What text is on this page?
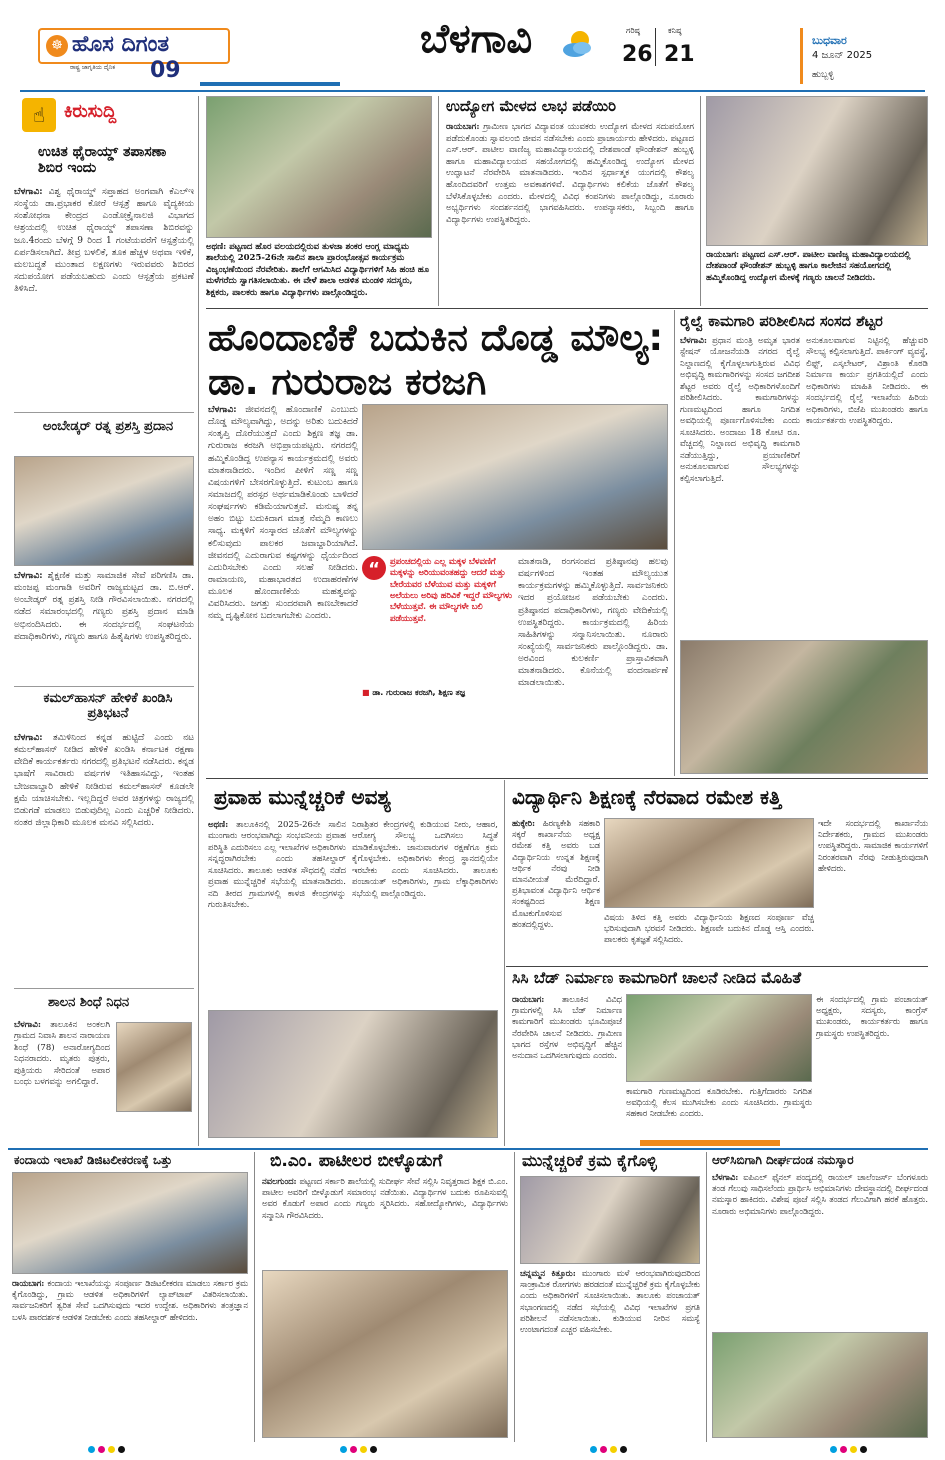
☸ ಹೊಸ ದಿಗಂತ
ರಾಷ್ಟ್ರ ಜಾಗೃತಿಯ ದೈನಿಕ 09
ಬೆಳಗಾವಿ	ಗರಿಷ್ಠ
26
ಕನಿಷ್ಠ
21
ಬುಧವಾರ
4 ಜೂನ್ 2025
ಹುಬ್ಬಳ್ಳಿ
☝	ಕಿರುಸುದ್ದಿ
ಉಚಿತ ಥೈರಾಯ್ಡ್ ತಪಾಸಣಾ ಶಿಬಿರ ಇಂದು
ಬೆಳಗಾವಿ: ವಿಶ್ವ ಥೈರಾಯ್ಡ್ ಸಪ್ತಾಹದ ಅಂಗವಾಗಿ ಕೆಎಲ್‌ಇ ಸಂಸ್ಥೆಯ ಡಾ.ಪ್ರಭಾಕರ ಕೋರೆ ಆಸ್ಪತ್ರೆ ಹಾಗೂ ವೈದ್ಯಕೀಯ ಸಂಶೋಧನಾ ಕೇಂದ್ರದ ಎಂಡೋಕ್ರೈನಾಲಜಿ ವಿಭಾಗದ ಆಶ್ರಯದಲ್ಲಿ ಉಚಿತ ಥೈರಾಯ್ಡ್ ತಪಾಸಣಾ ಶಿಬಿರವನ್ನು ಜೂ.4ರಂದು ಬೆಳಗ್ಗೆ 9 ರಿಂದ 1 ಗಂಟೆಯವರೆಗೆ ಆಸ್ಪತ್ರೆಯಲ್ಲಿ ಏರ್ಪಡಿಸಲಾಗಿದೆ. ತೀವ್ರ ಬಳಲಿಕೆ, ತೂಕ ಹೆಚ್ಚಳ ಅಥವಾ ಇಳಿಕೆ, ಮಲಬದ್ಧತೆ ಮುಂತಾದ ಲಕ್ಷಣಗಳು ಇರುವವರು ಶಿಬಿರದ ಸದುಪಯೋಗ ಪಡೆಯಬಹುದು ಎಂದು ಆಸ್ಪತ್ರೆಯ ಪ್ರಕಟಣೆ ತಿಳಿಸಿದೆ.
ಅಂಬೇಡ್ಕರ್ ರತ್ನ ಪ್ರಶಸ್ತಿ ಪ್ರದಾನ
ಬೆಳಗಾವಿ: ಶೈಕ್ಷಣಿಕ ಮತ್ತು ಸಾಮಾಜಿಕ ಸೇವೆ ಪರಿಗಣಿಸಿ ಡಾ. ಮಂಜಪ್ಪ ಮಂಗಾಡಿ ಅವರಿಗೆ ರಾಜ್ಯಮಟ್ಟದ ಡಾ. ಬಿ.ಆರ್. ಅಂಬೇಡ್ಕರ್ ರತ್ನ ಪ್ರಶಸ್ತಿ ನೀಡಿ ಗೌರವಿಸಲಾಯಿತು. ನಗರದಲ್ಲಿ ನಡೆದ ಸಮಾರಂಭದಲ್ಲಿ ಗಣ್ಯರು ಪ್ರಶಸ್ತಿ ಪ್ರದಾನ ಮಾಡಿ ಅಭಿನಂದಿಸಿದರು. ಈ ಸಂದರ್ಭದಲ್ಲಿ ಸಂಘಟನೆಯ ಪದಾಧಿಕಾರಿಗಳು, ಗಣ್ಯರು ಹಾಗೂ ಹಿತೈಷಿಗಳು ಉಪಸ್ಥಿತರಿದ್ದರು.
ಕಮಲ್‌ಹಾಸನ್ ಹೇಳಿಕೆ ಖಂಡಿಸಿ ಪ್ರತಿಭಟನೆ
ಬೆಳಗಾವಿ: ತಮಿಳಿನಿಂದ ಕನ್ನಡ ಹುಟ್ಟಿದೆ ಎಂದು ನಟ ಕಮಲ್‌ಹಾಸನ್ ನೀಡಿದ ಹೇಳಿಕೆ ಖಂಡಿಸಿ ಕರ್ನಾಟಕ ರಕ್ಷಣಾ ವೇದಿಕೆ ಕಾರ್ಯಕರ್ತರು ನಗರದಲ್ಲಿ ಪ್ರತಿಭಟನೆ ನಡೆಸಿದರು. ಕನ್ನಡ ಭಾಷೆಗೆ ಸಾವಿರಾರು ವರ್ಷಗಳ ಇತಿಹಾಸವಿದ್ದು, ಇಂತಹ ಬೇಜವಾಬ್ದಾರಿ ಹೇಳಿಕೆ ನೀಡಿರುವ ಕಮಲ್‌ಹಾಸನ್ ಕೂಡಲೇ ಕ್ಷಮೆ ಯಾಚಿಸಬೇಕು. ಇಲ್ಲದಿದ್ದರೆ ಅವರ ಚಿತ್ರಗಳನ್ನು ರಾಜ್ಯದಲ್ಲಿ ಬಿಡುಗಡೆ ಮಾಡಲು ಬಿಡುವುದಿಲ್ಲ ಎಂದು ಎಚ್ಚರಿಕೆ ನೀಡಿದರು. ನಂತರ ಜಿಲ್ಲಾಧಿಕಾರಿ ಮೂಲಕ ಮನವಿ ಸಲ್ಲಿಸಿದರು.
ಶಾಲನ ಶಿಂಧೆ ನಿಧನ
ಬೆಳಗಾವಿ: ತಾಲೂಕಿನ ಅಂಕಲಗಿ ಗ್ರಾಮದ ನಿವಾಸಿ ಶಾಲನ ನಾರಾಯಣ ಶಿಂಧೆ (78) ಅನಾರೋಗ್ಯದಿಂದ ನಿಧನರಾದರು. ಮೃತರು ಪುತ್ರರು, ಪುತ್ರಿಯರು ಸೇರಿದಂತೆ ಅಪಾರ ಬಂಧು ಬಳಗವನ್ನು ಅಗಲಿದ್ದಾರೆ.
ಅಥಣಿ: ಪಟ್ಟಣದ ಹೊರ ವಲಯದಲ್ಲಿರುವ ತುಳಜಾ ಶಂಕರ ಆಂಗ್ಲ ಮಾಧ್ಯಮ ಶಾಲೆಯಲ್ಲಿ 2025-26ನೇ ಸಾಲಿನ ಶಾಲಾ ಪ್ರಾರಂಭೋತ್ಸವ ಕಾರ್ಯಕ್ರಮ ವಿಜೃಂಭಣೆಯಿಂದ ನೆರವೇರಿತು. ಶಾಲೆಗೆ ಆಗಮಿಸಿದ ವಿದ್ಯಾರ್ಥಿಗಳಿಗೆ ಸಿಹಿ ಹಂಚಿ ಹೂ ಮಳೆಗರೆದು ಸ್ವಾಗತಿಸಲಾಯಿತು. ಈ ವೇಳೆ ಶಾಲಾ ಆಡಳಿತ ಮಂಡಳಿ ಸದಸ್ಯರು, ಶಿಕ್ಷಕರು, ಪಾಲಕರು ಹಾಗೂ ವಿದ್ಯಾರ್ಥಿಗಳು ಪಾಲ್ಗೊಂಡಿದ್ದರು.
ಉದ್ಯೋಗ ಮೇಳದ ಲಾಭ ಪಡೆಯಿರಿ
ರಾಯಬಾಗ: ಗ್ರಾಮೀಣ ಭಾಗದ ವಿದ್ಯಾವಂತ ಯುವಕರು ಉದ್ಯೋಗ ಮೇಳದ ಸದುಪಯೋಗ ಪಡೆದುಕೊಂಡು ಸ್ವಾವಲಂಬಿ ಜೀವನ ನಡೆಸಬೇಕು ಎಂದು ಪ್ರಾಚಾರ್ಯರು ಹೇಳಿದರು. ಪಟ್ಟಣದ ಎಸ್.ಆರ್. ಪಾಟೀಲ ವಾಣಿಜ್ಯ ಮಹಾವಿದ್ಯಾಲಯದಲ್ಲಿ ದೇಶಪಾಂಡೆ ಫೌಂಡೇಶನ್ ಹುಬ್ಬಳ್ಳಿ ಹಾಗೂ ಮಹಾವಿದ್ಯಾಲಯದ ಸಹಯೋಗದಲ್ಲಿ ಹಮ್ಮಿಕೊಂಡಿದ್ದ ಉದ್ಯೋಗ ಮೇಳದ ಉದ್ಘಾಟನೆ ನೆರವೇರಿಸಿ ಮಾತನಾಡಿದರು. ಇಂದಿನ ಸ್ಪರ್ಧಾತ್ಮಕ ಯುಗದಲ್ಲಿ ಕೌಶಲ್ಯ ಹೊಂದಿದವರಿಗೆ ಉತ್ತಮ ಅವಕಾಶಗಳಿವೆ. ವಿದ್ಯಾರ್ಥಿಗಳು ಕಲಿಕೆಯ ಜೊತೆಗೆ ಕೌಶಲ್ಯ ಬೆಳೆಸಿಕೊಳ್ಳಬೇಕು ಎಂದರು. ಮೇಳದಲ್ಲಿ ವಿವಿಧ ಕಂಪನಿಗಳು ಪಾಲ್ಗೊಂಡಿದ್ದು, ನೂರಾರು ಅಭ್ಯರ್ಥಿಗಳು ಸಂದರ್ಶನದಲ್ಲಿ ಭಾಗವಹಿಸಿದರು. ಉಪನ್ಯಾಸಕರು, ಸಿಬ್ಬಂದಿ ಹಾಗೂ ವಿದ್ಯಾರ್ಥಿಗಳು ಉಪಸ್ಥಿತರಿದ್ದರು.
ರಾಯಬಾಗ: ಪಟ್ಟಣದ ಎಸ್.ಆರ್. ಪಾಟೀಲ ವಾಣಿಜ್ಯ ಮಹಾವಿದ್ಯಾಲಯದಲ್ಲಿ ದೇಶಪಾಂಡೆ ಫೌಂಡೇಶನ್ ಹುಬ್ಬಳ್ಳಿ ಹಾಗೂ ಕಾಲೇಜಿನ ಸಹಯೋಗದಲ್ಲಿ ಹಮ್ಮಿಕೊಂಡಿದ್ದ ಉದ್ಯೋಗ ಮೇಳಕ್ಕೆ ಗಣ್ಯರು ಚಾಲನೆ ನೀಡಿದರು.
ಹೊಂದಾಣಿಕೆ ಬದುಕಿನ ದೊಡ್ಡ ಮೌಲ್ಯ: ಡಾ. ಗುರುರಾಜ ಕರಜಗಿ
ಬೆಳಗಾವಿ: ಜೀವನದಲ್ಲಿ ಹೊಂದಾಣಿಕೆ ಎಂಬುದು ದೊಡ್ಡ ಮೌಲ್ಯವಾಗಿದ್ದು, ಅದನ್ನು ಅರಿತು ಬದುಕಿದರೆ ಸಂತೃಪ್ತಿ ದೊರೆಯುತ್ತದೆ ಎಂದು ಶಿಕ್ಷಣ ತಜ್ಞ ಡಾ. ಗುರುರಾಜ ಕರಜಗಿ ಅಭಿಪ್ರಾಯಪಟ್ಟರು. ನಗರದಲ್ಲಿ ಹಮ್ಮಿಕೊಂಡಿದ್ದ ಉಪನ್ಯಾಸ ಕಾರ್ಯಕ್ರಮದಲ್ಲಿ ಅವರು ಮಾತನಾಡಿದರು. ಇಂದಿನ ಪೀಳಿಗೆ ಸಣ್ಣ ಸಣ್ಣ ವಿಷಯಗಳಿಗೆ ಬೇಸರಗೊಳ್ಳುತ್ತಿದೆ. ಕುಟುಂಬ ಹಾಗೂ ಸಮಾಜದಲ್ಲಿ ಪರಸ್ಪರ ಅರ್ಥಮಾಡಿಕೊಂಡು ಬಾಳಿದರೆ ಸಂಘರ್ಷಗಳು ಕಡಿಮೆಯಾಗುತ್ತವೆ. ಮನುಷ್ಯ ತನ್ನ ಅಹಂ ಬಿಟ್ಟು ಬದುಕಿದಾಗ ಮಾತ್ರ ನೆಮ್ಮದಿ ಕಾಣಲು ಸಾಧ್ಯ. ಮಕ್ಕಳಿಗೆ ಸಂಸ್ಕಾರದ ಜೊತೆಗೆ ಮೌಲ್ಯಗಳನ್ನು ಕಲಿಸುವುದು ಪಾಲಕರ ಜವಾಬ್ದಾರಿಯಾಗಿದೆ. ಜೀವನದಲ್ಲಿ ಎದುರಾಗುವ ಕಷ್ಟಗಳನ್ನು ಧೈರ್ಯದಿಂದ ಎದುರಿಸಬೇಕು ಎಂದು ಸಲಹೆ ನೀಡಿದರು. ರಾಮಾಯಣ, ಮಹಾಭಾರತದ ಉದಾಹರಣೆಗಳ ಮೂಲಕ ಹೊಂದಾಣಿಕೆಯ ಮಹತ್ವವನ್ನು ವಿವರಿಸಿದರು. ಜಗತ್ತು ಸುಂದರವಾಗಿ ಕಾಣಬೇಕಾದರೆ ನಮ್ಮ ದೃಷ್ಟಿಕೋನ ಬದಲಾಗಬೇಕು ಎಂದರು.
“	ಪ್ರಪಂಚದಲ್ಲಿಯ ಎಲ್ಲ ಮಕ್ಕಳ ಬೆಳವಣಿಗೆ ಮಕ್ಕಳನ್ನು ಅರಿಯುವಂತಹದ್ದು ಆದರೆ ಮತ್ತು ಬೇರೆಯವರ ಬೆಳೆಯುವ ಮತ್ತು ಮಕ್ಕಳಿಗೆ ಅಲೆಯಲು ಅರಿವು ಹರಿವಿಕೆ ಇದ್ದರೆ ಮೌಲ್ಯಗಳು ಬೆಳೆಯುತ್ತವೆ. ಈ ಮೌಲ್ಯಗಳೇ ಬಲಿ ಪಡೆಯುತ್ತವೆ.
■ ಡಾ. ಗುರುರಾಜ ಕರಜಗಿ, ಶಿಕ್ಷಣ ತಜ್ಞ
ಮಾತನಾಡಿ, ರಂಗಸಂಪದ ಪ್ರತಿಷ್ಠಾನವು ಹಲವು ವರ್ಷಗಳಿಂದ ಇಂತಹ ಮೌಲ್ಯಯುತ ಕಾರ್ಯಕ್ರಮಗಳನ್ನು ಹಮ್ಮಿಕೊಳ್ಳುತ್ತಿದೆ. ಸಾರ್ವಜನಿಕರು ಇದರ ಪ್ರಯೋಜನ ಪಡೆಯಬೇಕು ಎಂದರು. ಪ್ರತಿಷ್ಠಾನದ ಪದಾಧಿಕಾರಿಗಳು, ಗಣ್ಯರು ವೇದಿಕೆಯಲ್ಲಿ ಉಪಸ್ಥಿತರಿದ್ದರು. ಕಾರ್ಯಕ್ರಮದಲ್ಲಿ ಹಿರಿಯ ಸಾಹಿತಿಗಳನ್ನು ಸನ್ಮಾನಿಸಲಾಯಿತು. ನೂರಾರು ಸಂಖ್ಯೆಯಲ್ಲಿ ಸಾರ್ವಜನಿಕರು ಪಾಲ್ಗೊಂಡಿದ್ದರು. ಡಾ. ಅರವಿಂದ ಕುಲಕರ್ಣಿ ಪ್ರಾಸ್ತಾವಿಕವಾಗಿ ಮಾತನಾಡಿದರು. ಕೊನೆಯಲ್ಲಿ ವಂದನಾರ್ಪಣೆ ಮಾಡಲಾಯಿತು.
ರೈಲ್ವೆ ಕಾಮಗಾರಿ ಪರಿಶೀಲಿಸಿದ ಸಂಸದ ಶೆಟ್ಟರ
ಬೆಳಗಾವಿ: ಪ್ರಧಾನ ಮಂತ್ರಿ ಅಮೃತ ಭಾರತ ಸ್ಟೇಷನ್ ಯೋಜನೆಯಡಿ ನಗರದ ರೈಲ್ವೆ ನಿಲ್ದಾಣದಲ್ಲಿ ಕೈಗೊಳ್ಳಲಾಗುತ್ತಿರುವ ವಿವಿಧ ಅಭಿವೃದ್ಧಿ ಕಾಮಗಾರಿಗಳನ್ನು ಸಂಸದ ಜಗದೀಶ ಶೆಟ್ಟರ ಅವರು ರೈಲ್ವೆ ಅಧಿಕಾರಿಗಳೊಂದಿಗೆ ಪರಿಶೀಲಿಸಿದರು. ಕಾಮಗಾರಿಗಳನ್ನು ಗುಣಮಟ್ಟದಿಂದ ಹಾಗೂ ನಿಗದಿತ ಅವಧಿಯಲ್ಲಿ ಪೂರ್ಣಗೊಳಿಸಬೇಕು ಎಂದು ಸೂಚಿಸಿದರು. ಅಂದಾಜು 18 ಕೋಟಿ ರೂ. ವೆಚ್ಚದಲ್ಲಿ ನಿಲ್ದಾಣದ ಅಭಿವೃದ್ಧಿ ಕಾಮಗಾರಿ ನಡೆಯುತ್ತಿದ್ದು, ಪ್ರಯಾಣಿಕರಿಗೆ ಅನುಕೂಲವಾಗುವ ಸೌಲಭ್ಯಗಳನ್ನು ಕಲ್ಪಿಸಲಾಗುತ್ತಿದೆ.
ಅನುಕೂಲವಾಗುವ ನಿಟ್ಟಿನಲ್ಲಿ ಹೆಚ್ಚುವರಿ ಸೌಲಭ್ಯ ಕಲ್ಪಿಸಲಾಗುತ್ತಿದೆ. ಪಾರ್ಕಿಂಗ್ ವ್ಯವಸ್ಥೆ, ಲಿಫ್ಟ್, ಎಸ್ಕಲೇಟರ್, ವಿಶ್ರಾಂತಿ ಕೊಠಡಿ ನಿರ್ಮಾಣ ಕಾರ್ಯ ಪ್ರಗತಿಯಲ್ಲಿದೆ ಎಂದು ಅಧಿಕಾರಿಗಳು ಮಾಹಿತಿ ನೀಡಿದರು. ಈ ಸಂದರ್ಭದಲ್ಲಿ ರೈಲ್ವೆ ಇಲಾಖೆಯ ಹಿರಿಯ ಅಧಿಕಾರಿಗಳು, ಬಿಜೆಪಿ ಮುಖಂಡರು ಹಾಗೂ ಕಾರ್ಯಕರ್ತರು ಉಪಸ್ಥಿತರಿದ್ದರು.
ಪ್ರವಾಹ ಮುನ್ನೆಚ್ಚರಿಕೆ ಅವಶ್ಯ
ಅಥಣಿ: ತಾಲೂಕಿನಲ್ಲಿ 2025-26ನೇ ಸಾಲಿನ ಮುಂಗಾರು ಆರಂಭವಾಗಿದ್ದು ಸಂಭವನೀಯ ಪ್ರವಾಹ ಪರಿಸ್ಥಿತಿ ಎದುರಿಸಲು ಎಲ್ಲ ಇಲಾಖೆಗಳ ಅಧಿಕಾರಿಗಳು ಸನ್ನದ್ಧರಾಗಿರಬೇಕು ಎಂದು ತಹಸೀಲ್ದಾರ್ ಸೂಚಿಸಿದರು. ತಾಲೂಕು ಆಡಳಿತ ಸೌಧದಲ್ಲಿ ನಡೆದ ಪ್ರವಾಹ ಮುನ್ನೆಚ್ಚರಿಕೆ ಸಭೆಯಲ್ಲಿ ಮಾತನಾಡಿದರು. ನದಿ ತೀರದ ಗ್ರಾಮಗಳಲ್ಲಿ ಕಾಳಜಿ ಕೇಂದ್ರಗಳನ್ನು ಗುರುತಿಸಬೇಕು.
ನಿರಾಶ್ರಿತರ ಕೇಂದ್ರಗಳಲ್ಲಿ ಕುಡಿಯುವ ನೀರು, ಆಹಾರ, ಆರೋಗ್ಯ ಸೌಲಭ್ಯ ಒದಗಿಸಲು ಸಿದ್ಧತೆ ಮಾಡಿಕೊಳ್ಳಬೇಕು. ಜಾನುವಾರುಗಳ ರಕ್ಷಣೆಗೂ ಕ್ರಮ ಕೈಗೊಳ್ಳಬೇಕು. ಅಧಿಕಾರಿಗಳು ಕೇಂದ್ರ ಸ್ಥಾನದಲ್ಲಿಯೇ ಇರಬೇಕು ಎಂದು ಸೂಚಿಸಿದರು. ತಾಲೂಕು ಪಂಚಾಯತ್ ಅಧಿಕಾರಿಗಳು, ಗ್ರಾಮ ಲೆಕ್ಕಾಧಿಕಾರಿಗಳು ಸಭೆಯಲ್ಲಿ ಪಾಲ್ಗೊಂಡಿದ್ದರು.
ವಿದ್ಯಾರ್ಥಿನಿ ಶಿಕ್ಷಣಕ್ಕೆ ನೆರವಾದ ರಮೇಶ ಕತ್ತಿ
ಹುಕ್ಕೇರಿ: ಹಿರಣ್ಯಕೇಶಿ ಸಹಕಾರಿ ಸಕ್ಕರೆ ಕಾರ್ಖಾನೆಯ ಅಧ್ಯಕ್ಷ ರಮೇಶ ಕತ್ತಿ ಅವರು ಬಡ ವಿದ್ಯಾರ್ಥಿನಿಯ ಉನ್ನತ ಶಿಕ್ಷಣಕ್ಕೆ ಆರ್ಥಿಕ ನೆರವು ನೀಡಿ ಮಾನವೀಯತೆ ಮೆರೆದಿದ್ದಾರೆ. ಪ್ರತಿಭಾವಂತ ವಿದ್ಯಾರ್ಥಿನಿ ಆರ್ಥಿಕ ಸಂಕಷ್ಟದಿಂದ ಶಿಕ್ಷಣ ಮೊಟಕುಗೊಳಿಸುವ ಹಂತದಲ್ಲಿದ್ದಳು.
ವಿಷಯ ತಿಳಿದ ಕತ್ತಿ ಅವರು ವಿದ್ಯಾರ್ಥಿನಿಯ ಶಿಕ್ಷಣದ ಸಂಪೂರ್ಣ ವೆಚ್ಚ ಭರಿಸುವುದಾಗಿ ಭರವಸೆ ನೀಡಿದರು. ಶಿಕ್ಷಣವೇ ಬದುಕಿನ ದೊಡ್ಡ ಆಸ್ತಿ ಎಂದರು. ಪಾಲಕರು ಕೃತಜ್ಞತೆ ಸಲ್ಲಿಸಿದರು.
ಇದೇ ಸಂದರ್ಭದಲ್ಲಿ ಕಾರ್ಖಾನೆಯ ನಿರ್ದೇಶಕರು, ಗ್ರಾಮದ ಮುಖಂಡರು ಉಪಸ್ಥಿತರಿದ್ದರು. ಸಾಮಾಜಿಕ ಕಾರ್ಯಗಳಿಗೆ ನಿರಂತರವಾಗಿ ನೆರವು ನೀಡುತ್ತಿರುವುದಾಗಿ ಹೇಳಿದರು.
ಸಿಸಿ ಬೆಡ್ ನಿರ್ಮಾಣ ಕಾಮಗಾರಿಗೆ ಚಾಲನೆ ನೀಡಿದ ಮೊಹಿತೆ
ರಾಯಬಾಗ: ತಾಲೂಕಿನ ವಿವಿಧ ಗ್ರಾಮಗಳಲ್ಲಿ ಸಿಸಿ ಬೆಡ್ ನಿರ್ಮಾಣ ಕಾಮಗಾರಿಗೆ ಮುಖಂಡರು ಭೂಮಿಪೂಜೆ ನೆರವೇರಿಸಿ ಚಾಲನೆ ನೀಡಿದರು. ಗ್ರಾಮೀಣ ಭಾಗದ ರಸ್ತೆಗಳ ಅಭಿವೃದ್ಧಿಗೆ ಹೆಚ್ಚಿನ ಅನುದಾನ ಒದಗಿಸಲಾಗುವುದು ಎಂದರು.
ಕಾಮಗಾರಿ ಗುಣಮಟ್ಟದಿಂದ ಕೂಡಿರಬೇಕು. ಗುತ್ತಿಗೆದಾರರು ನಿಗದಿತ ಅವಧಿಯಲ್ಲಿ ಕೆಲಸ ಮುಗಿಸಬೇಕು ಎಂದು ಸೂಚಿಸಿದರು. ಗ್ರಾಮಸ್ಥರು ಸಹಕಾರ ನೀಡಬೇಕು ಎಂದರು.
ಈ ಸಂದರ್ಭದಲ್ಲಿ ಗ್ರಾಮ ಪಂಚಾಯತ್ ಅಧ್ಯಕ್ಷರು, ಸದಸ್ಯರು, ಕಾಂಗ್ರೆಸ್ ಮುಖಂಡರು, ಕಾರ್ಯಕರ್ತರು ಹಾಗೂ ಗ್ರಾಮಸ್ಥರು ಉಪಸ್ಥಿತರಿದ್ದರು.
ಕಂದಾಯ ಇಲಾಖೆ ಡಿಜಿಟಲೀಕರಣಕ್ಕೆ ಒತ್ತು
ರಾಯಬಾಗ: ಕಂದಾಯ ಇಲಾಖೆಯನ್ನು ಸಂಪೂರ್ಣ ಡಿಜಿಟಲೀಕರಣ ಮಾಡಲು ಸರ್ಕಾರ ಕ್ರಮ ಕೈಗೊಂಡಿದ್ದು, ಗ್ರಾಮ ಆಡಳಿತ ಅಧಿಕಾರಿಗಳಿಗೆ ಲ್ಯಾಪ್‌ಟಾಪ್ ವಿತರಿಸಲಾಯಿತು. ಸಾರ್ವಜನಿಕರಿಗೆ ತ್ವರಿತ ಸೇವೆ ಒದಗಿಸುವುದು ಇದರ ಉದ್ದೇಶ. ಅಧಿಕಾರಿಗಳು ತಂತ್ರಜ್ಞಾನ ಬಳಸಿ ಪಾರದರ್ಶಕ ಆಡಳಿತ ನೀಡಬೇಕು ಎಂದು ತಹಸೀಲ್ದಾರ್ ಹೇಳಿದರು.
ಬಿ.ಎಂ. ಪಾಟೀಲರ ಬೀಳ್ಕೊಡುಗೆ
ನವಲಗುಂದ: ಪಟ್ಟಣದ ಸರ್ಕಾರಿ ಶಾಲೆಯಲ್ಲಿ ಸುದೀರ್ಘ ಸೇವೆ ಸಲ್ಲಿಸಿ ನಿವೃತ್ತರಾದ ಶಿಕ್ಷಕ ಬಿ.ಎಂ. ಪಾಟೀಲ ಅವರಿಗೆ ಬೀಳ್ಕೊಡುಗೆ ಸಮಾರಂಭ ನಡೆಯಿತು. ವಿದ್ಯಾರ್ಥಿಗಳ ಬದುಕು ರೂಪಿಸುವಲ್ಲಿ ಅವರ ಕೊಡುಗೆ ಅಪಾರ ಎಂದು ಗಣ್ಯರು ಸ್ಮರಿಸಿದರು. ಸಹೋದ್ಯೋಗಿಗಳು, ವಿದ್ಯಾರ್ಥಿಗಳು ಸನ್ಮಾನಿಸಿ ಗೌರವಿಸಿದರು.
ಮುನ್ನೆಚ್ಚರಿಕೆ ಕ್ರಮ ಕೈಗೊಳ್ಳಿ
ಚನ್ನಮ್ಮನ ಕಿತ್ತೂರು: ಮುಂಗಾರು ಮಳೆ ಆರಂಭವಾಗಿರುವುದರಿಂದ ಸಾಂಕ್ರಾಮಿಕ ರೋಗಗಳು ಹರಡದಂತೆ ಮುನ್ನೆಚ್ಚರಿಕೆ ಕ್ರಮ ಕೈಗೊಳ್ಳಬೇಕು ಎಂದು ಅಧಿಕಾರಿಗಳಿಗೆ ಸೂಚಿಸಲಾಯಿತು. ತಾಲೂಕು ಪಂಚಾಯತ್ ಸಭಾಂಗಣದಲ್ಲಿ ನಡೆದ ಸಭೆಯಲ್ಲಿ ವಿವಿಧ ಇಲಾಖೆಗಳ ಪ್ರಗತಿ ಪರಿಶೀಲನೆ ನಡೆಸಲಾಯಿತು. ಕುಡಿಯುವ ನೀರಿನ ಸಮಸ್ಯೆ ಉಂಟಾಗದಂತೆ ಎಚ್ಚರ ವಹಿಸಬೇಕು.
ಆರ್‌ಸಿಬಿಗಾಗಿ ದೀರ್ಘದಂಡ ನಮಸ್ಕಾರ
ಬೆಳಗಾವಿ: ಐಪಿಎಲ್ ಫೈನಲ್ ಪಂದ್ಯದಲ್ಲಿ ರಾಯಲ್ ಚಾಲೆಂಜರ್ಸ್ ಬೆಂಗಳೂರು ತಂಡ ಗೆಲುವು ಸಾಧಿಸಲೆಂದು ಪ್ರಾರ್ಥಿಸಿ ಅಭಿಮಾನಿಗಳು ದೇವಸ್ಥಾನದಲ್ಲಿ ದೀರ್ಘದಂಡ ನಮಸ್ಕಾರ ಹಾಕಿದರು. ವಿಶೇಷ ಪೂಜೆ ಸಲ್ಲಿಸಿ ತಂಡದ ಗೆಲುವಿಗಾಗಿ ಹರಕೆ ಹೊತ್ತರು. ನೂರಾರು ಅಭಿಮಾನಿಗಳು ಪಾಲ್ಗೊಂಡಿದ್ದರು.
